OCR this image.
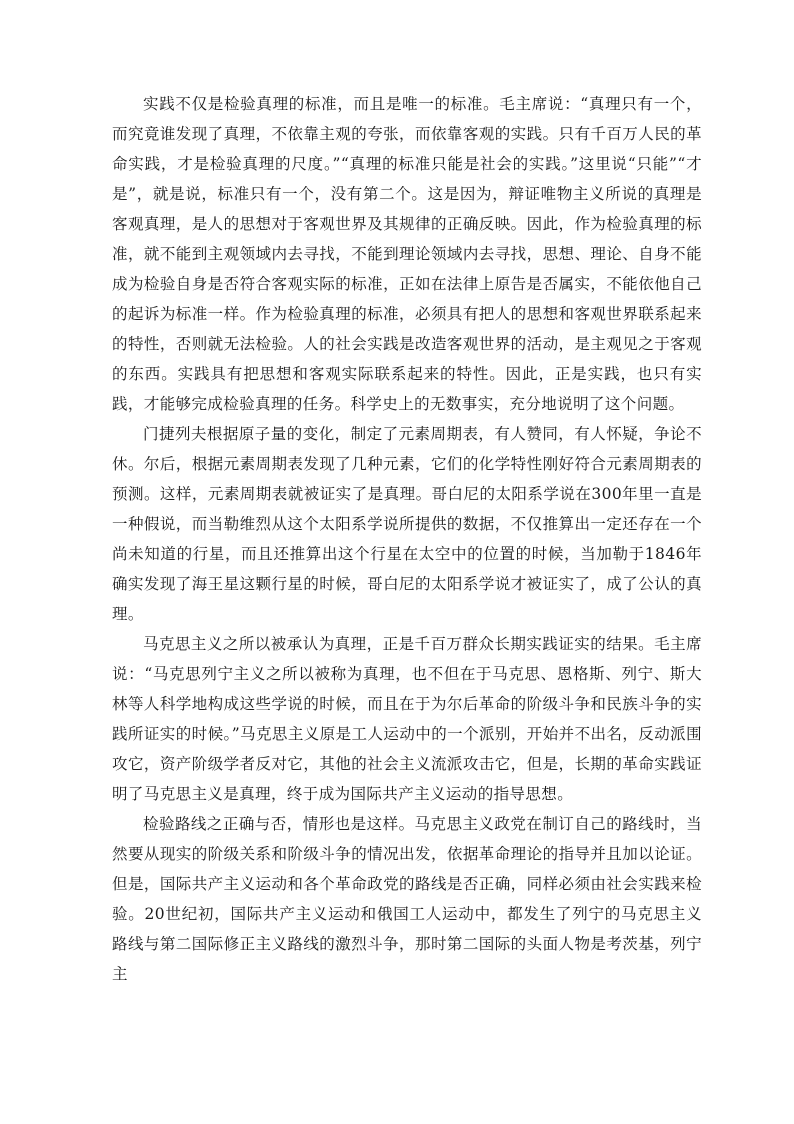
实践不仅是检验真理的标准，而且是唯一的标准。毛主席说：“真理只有一个，而究竟谁发现了真理，不依靠主观的夸张，而依靠客观的实践。只有千百万人民的革命实践，才是检验真理的尺度。”“真理的标准只能是社会的实践。”这里说“只能”“才是”，就是说，标准只有一个，没有第二个。这是因为，辩证唯物主义所说的真理是客观真理，是人的思想对于客观世界及其规律的正确反映。因此，作为检验真理的标准，就不能到主观领域内去寻找，不能到理论领域内去寻找，思想、理论、自身不能成为检验自身是否符合客观实际的标准，正如在法律上原告是否属实，不能依他自己的起诉为标准一样。作为检验真理的标准，必须具有把人的思想和客观世界联系起来的特性，否则就无法检验。人的社会实践是改造客观世界的活动，是主观见之于客观的东西。实践具有把思想和客观实际联系起来的特性。因此，正是实践，也只有实践，才能够完成检验真理的任务。科学史上的无数事实，充分地说明了这个问题。

门捷列夫根据原子量的变化，制定了元素周期表，有人赞同，有人怀疑，争论不休。尔后，根据元素周期表发现了几种元素，它们的化学特性刚好符合元素周期表的预测。这样，元素周期表就被证实了是真理。哥白尼的太阳系学说在300年里一直是一种假说，而当勒维烈从这个太阳系学说所提供的数据，不仅推算出一定还存在一个尚未知道的行星，而且还推算出这个行星在太空中的位置的时候，当加勒于1846年确实发现了海王星这颗行星的时候，哥白尼的太阳系学说才被证实了，成了公认的真理。

马克思主义之所以被承认为真理，正是千百万群众长期实践证实的结果。毛主席说：“马克思列宁主义之所以被称为真理，也不但在于马克思、恩格斯、列宁、斯大林等人科学地构成这些学说的时候，而且在于为尔后革命的阶级斗争和民族斗争的实践所证实的时候。”马克思主义原是工人运动中的一个派别，开始并不出名，反动派围攻它，资产阶级学者反对它，其他的社会主义流派攻击它，但是，长期的革命实践证明了马克思主义是真理，终于成为国际共产主义运动的指导思想。

检验路线之正确与否，情形也是这样。马克思主义政党在制订自己的路线时，当然要从现实的阶级关系和阶级斗争的情况出发，依据革命理论的指导并且加以论证。但是，国际共产主义运动和各个革命政党的路线是否正确，同样必须由社会实践来检验。20世纪初，国际共产主义运动和俄国工人运动中，都发生了列宁的马克思主义路线与第二国际修正主义路线的激烈斗争，那时第二国际的头面人物是考茨基，列宁主
